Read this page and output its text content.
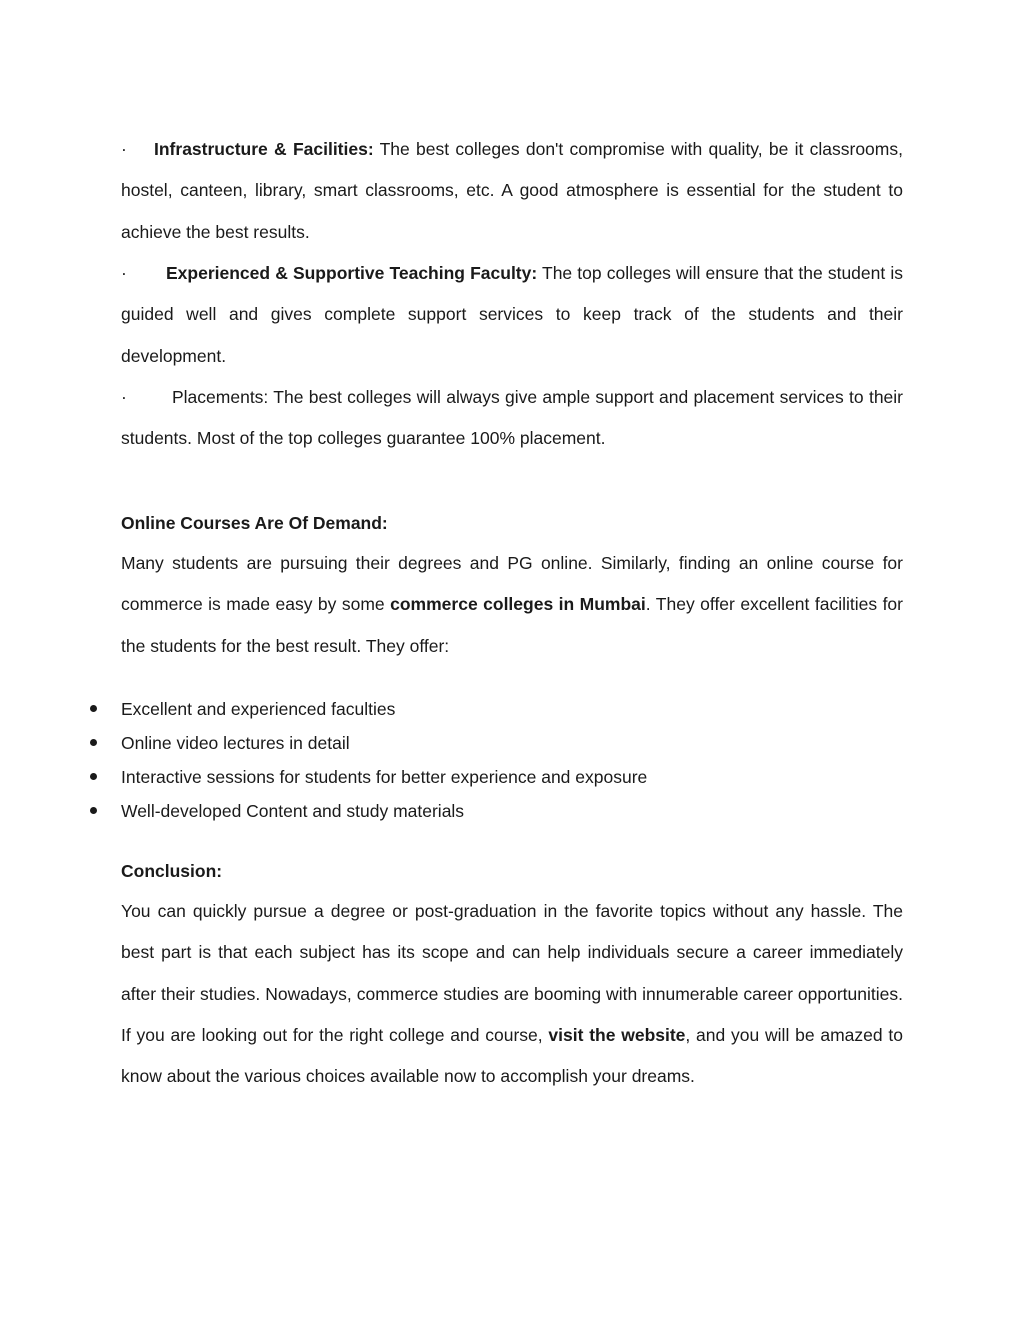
· Infrastructure & Facilities: The best colleges don't compromise with quality, be it classrooms, hostel, canteen, library, smart classrooms, etc. A good atmosphere is essential for the student to achieve the best results.

· Experienced & Supportive Teaching Faculty: The top colleges will ensure that the student is guided well and gives complete support services to keep track of the students and their development.

·	Placements: The best colleges will always give ample support and placement services to their students. Most of the top colleges guarantee 100% placement.

Online Courses Are Of Demand:

Many students are pursuing their degrees and PG online. Similarly, finding an online course for commerce is made easy by some commerce colleges in Mumbai. They offer excellent facilities for the students for the best result. They offer:

Excellent and experienced faculties
Online video lectures in detail
Interactive sessions for students for better experience and exposure
Well-developed Content and study materials
Conclusion:

You can quickly pursue a degree or post-graduation in the favorite topics without any hassle. The best part is that each subject has its scope and can help individuals secure a career immediately after their studies. Nowadays, commerce studies are booming with innumerable career opportunities. If you are looking out for the right college and course, visit the website, and you will be amazed to know about the various choices available now to accomplish your dreams.
